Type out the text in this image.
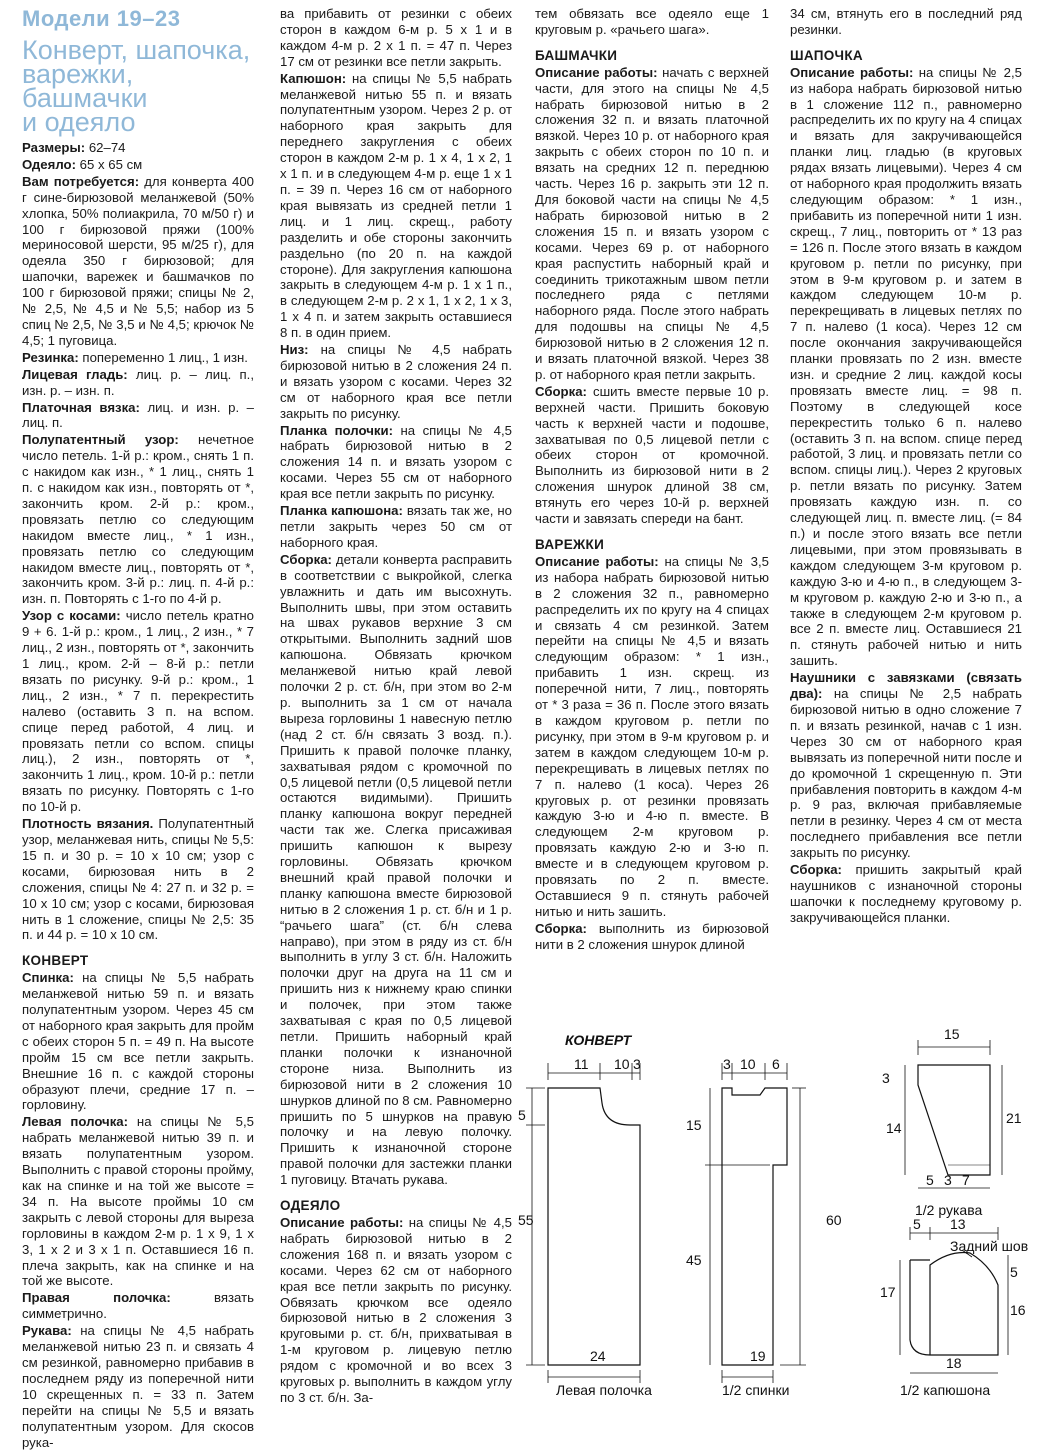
Модели 19–23
Конверт, шапочка,
варежки, башмачки
и одеяло

Размеры: 62–74

Одеяло: 65 х 65 см

Вам потребуется: для конверта 400 г сине-бирюзовой меланжевой (50% хлопка, 50% полиакрила, 70 м/50 г) и 100 г бирюзовой пряжи (100% мериносовой шерсти, 95 м/25 г), для одеяла 350 г бирюзовой; для шапочки, варежек и башмачков по 100 г бирюзовой пряжи; спицы № 2, № 2,5, № 4,5 и № 5,5; набор из 5 спиц № 2,5, № 3,5 и № 4,5; крючок № 4,5; 1 пуговица.

Резинка: попеременно 1 лиц., 1 изн.

Лицевая гладь: лиц. р. – лиц. п., изн. р. – изн. п.

Платочная вязка: лиц. и изн. р. – лиц. п.

Полупатентный узор: нечетное число петель. 1-й р.: кром., снять 1 п. с накидом как изн., * 1 лиц., снять 1 п. с накидом как изн., повторять от *, закончить кром. 2-й р.: кром., провязать петлю со следующим накидом вместе лиц., * 1 изн., провязать петлю со следующим накидом вместе лиц., повторять от *, закончить кром. 3-й р.: лиц. п. 4-й р.: изн. п. Повторять с 1-го по 4-й р.

Узор с косами: число петель кратно 9 + 6. 1-й р.: кром., 1 лиц., 2 изн., * 7 лиц., 2 изн., повторять от *, закончить 1 лиц., кром. 2-й – 8-й р.: петли вязать по рисунку. 9-й р.: кром., 1 лиц., 2 изн., * 7 п. перекрестить налево (оставить 3 п. на вспом. спице перед работой, 4 лиц. и провязать петли со вспом. спицы лиц.), 2 изн., повторять от *, закончить 1 лиц., кром. 10-й р.: петли вязать по рисунку. Повторять с 1-го по 10-й р.

Плотность вязания. Полупатентный узор, меланжевая нить, спицы № 5,5: 15 п. и 30 р. = 10 х 10 см; узор с косами, бирюзовая нить в 2 сложения, спицы № 4: 27 п. и 32 р. = 10 х 10 см; узор с косами, бирюзовая нить в 1 сложение, спицы № 2,5: 35 п. и 44 р. = 10 х 10 см.

КОНВЕРТ

Спинка: на спицы № 5,5 набрать меланжевой нитью 59 п. и вязать полупатентным узором. Через 45 см от наборного края закрыть для пройм с обеих сторон 5 п. = 49 п. На высоте пройм 15 см все петли закрыть. Внешние 16 п. с каждой стороны образуют плечи, средние 17 п. – горловину.

Левая полочка: на спицы № 5,5 набрать меланжевой нитью 39 п. и вязать полупатентным узором. Выполнить с правой стороны пройму, как на спинке и на той же высоте = 34 п. На высоте проймы 10 см закрыть с левой стороны для выреза горловины в каждом 2-м р. 1 х 9, 1 х 3, 1 х 2 и 3 х 1 п. Оставшиеся 16 п. плечa закрыть, как на спинке и на той же высоте.

Правая полочка: вязать симметрично.

Рукава: на спицы № 4,5 набрать меланжевой нитью 23 п. и связать 4 см резинкой, равномерно прибавив в последнем ряду из поперечной нити 10 скрещенных п. = 33 п. Затем перейти на спицы № 5,5 и вязать полупатентным узором. Для скосов рука-

ва прибавить от резинки с обеих сторон в каждом 6-м р. 5 х 1 и в каждом 4-м р. 2 х 1 п. = 47 п. Через 17 см от резинки все петли закрыть.

Капюшон: на спицы № 5,5 набрать меланжевой нитью 55 п. и вязать полупатентным узором. Через 2 р. от наборного края закрыть для переднего закругления с обеих сторон в каждом 2-м р. 1 х 4, 1 х 2, 1 х 1 п. и в следующем 4-м р. еще 1 х 1 п. = 39 п. Через 16 см от наборного края вывязать из средней петли 1 лиц. и 1 лиц. скрещ., работу разделить и обе стороны закончить раздельно (по 20 п. на каждой стороне). Для закругления капюшона закрыть в следующем 4-м р. 1 х 1 п., в следующем 2-м р. 2 х 1, 1 х 2, 1 х 3, 1 х 4 п. и затем закрыть оставшиеся 8 п. в один прием.

Низ: на спицы № 4,5 набрать бирюзовой нитью в 2 сложения 24 п. и вязать узором с косами. Через 32 см от наборного края все петли закрыть по рисунку.

Планка полочки: на спицы № 4,5 набрать бирюзовой нитью в 2 сложения 14 п. и вязать узором с косами. Через 55 см от наборного края все петли закрыть по рисунку.

Планка капюшона: вязать так же, но петли закрыть через 50 см от наборного края.

Сборка: детали конверта расправить в соответствии с выкройкой, слегка увлажнить и дать им высохнуть. Выполнить швы, при этом оставить на швах рукавов верхние 3 см открытыми. Выполнить задний шов капюшона. Обвязать крючком меланжевой нитью край левой полочки 2 р. ст. б/н, при этом во 2-м р. выполнить за 1 см от начала выреза горловины 1 навесную петлю (над 2 ст. б/н связать 3 возд. п.). Пришить к правой полочке планку, захватывая рядом с кромочной по 0,5 лицевой петли (0,5 лицевой петли остаются видимыми). Пришить планку капюшона вокруг передней части так же. Слегка присаживая пришить капюшон к вырезу горловины. Обвязать крючком внешний край правой полочки и планку капюшона вместе бирюзовой нитью в 2 сложения 1 р. ст. б/н и 1 р. “рачьего шага” (ст. б/н слева направо), при этом в ряду из ст. б/н выполнить в углу 3 ст. б/н. Наложить полочки друг на друга на 11 см и пришить низ к нижнему краю спинки и полочек, при этом также захватывая с края по 0,5 лицевой петли. Пришить наборный край планки полочки к изнаночной стороне низа. Выполнить из бирюзовой нити в 2 сложения 10 шнурков длиной по 8 см. Равномерно пришить по 5 шнурков на правую полочку и на левую полочку. Пришить к изнаночной стороне правой полочки для застежки планки 1 пуговицу. Втачать рукава.

ОДЕЯЛО

Описание работы: на спицы № 4,5 набрать бирюзовой нитью в 2 сложения 168 п. и вязать узором с косами. Через 62 см от наборного края все петли закрыть по рисунку. Обвязать крючком все одеяло бирюзовой нитью в 2 сложения 3 круговыми р. ст. б/н, прихватывая в 1-м круговом р. лицевую петлю рядом с кромочной и во всех 3 круговых р. выполнить в каждом углу по 3 ст. б/н. За-

тем обвязать все одеяло еще 1 круговым р. «рачьего шага».

БАШМАЧКИ

Описание работы: начать с верхней части, для этого на спицы № 4,5 набрать бирюзовой нитью в 2 сложения 32 п. и вязать платочной вязкой. Через 10 р. от наборного края закрыть с обеих сторон по 10 п. и вязать на средних 12 п. переднюю часть. Через 16 р. закрыть эти 12 п. Для боковой части на спицы № 4,5 набрать бирюзовой нитью в 2 сложения 15 п. и вязать узором с косами. Через 69 р. от наборного края распустить наборный край и соединить трикотажным швом петли последнего ряда с петлями наборного ряда. После этого набрать для подошвы на спицы № 4,5 бирюзовой нитью в 2 сложения 12 п. и вязать платочной вязкой. Через 38 р. от наборного края петли закрыть.

Сборка: сшить вместе первые 10 р. верхней части. Пришить боковую часть к верхней части и подошве, захватывая по 0,5 лицевой петли с обеих сторон от кромочной. Выполнить из бирюзовой нити в 2 сложения шнурок длиной 38 см, втянуть его через 10-й р. верхней части и завязать спереди на бант.

ВАРЕЖКИ

Описание работы: на спицы № 3,5 из набора набрать бирюзовой нитью в 2 сложения 32 п., равномерно распределить их по кругу на 4 спицах и связать 4 см резинкой. Затем перейти на спицы № 4,5 и вязать следующим образом: * 1 изн., прибавить 1 изн. скрещ. из поперечной нити, 7 лиц., повторять от * 3 раза = 36 п. После этого вязать в каждом круговом р. петли по рисунку, при этом в 9-м круговом р. и затем в каждом следующем 10-м р. перекрещивать в лицевых петлях по 7 п. налево (1 коса). Через 26 круговых р. от резинки провязать каждую 3-ю и 4-ю п. вместе. В следующем 2-м круговом р. провязать каждую 2-ю и 3-ю п. вместе и в следующем круговом р. провязать по 2 п. вместе. Оставшиеся 9 п. стянуть рабочей нитью и нить зашить.

Сборка: выполнить из бирюзовой нити в 2 сложения шнурок длиной

34 см, втянуть его в последний ряд резинки.

ШАПОЧКА

Описание работы: на спицы № 2,5 из набора набрать бирюзовой нитью в 1 сложение 112 п., равномерно распределить их по кругу на 4 спицах и вязать для закручивающейся планки лиц. гладью (в круговых рядах вязать лицевыми). Через 4 см от наборного края продолжить вязать следующим образом: * 1 изн., прибавить из поперечной нити 1 изн. скрещ., 7 лиц., повторить от * 13 раз = 126 п. После этого вязать в каждом круговом р. петли по рисунку, при этом в 9-м круговом р. и затем в каждом следующем 10-м р. перекрещивать в лицевых петлях по 7 п. налево (1 коса). Через 12 см после окончания закручивающейся планки провязать по 2 изн. вместе изн. и средние 2 лиц. каждой косы провязать вместе лиц. = 98 п. Поэтому в следующей косе перекрестить только 6 п. налево (оставить 3 п. на вспом. спице перед работой, 3 лиц. и провязать петли со вспом. спицы лиц.). Через 2 круговых р. петли вязать по рисунку. Затем провязать каждую изн. п. со следующей лиц. п. вместе лиц. (= 84 п.) и после этого вязать все петли лицевыми, при этом провязывать в каждом следующем 3-м круговом р. каждую 3-ю и 4-ю п., в следующем 3-м круговом р. каждую 2-ю и 3-ю п., а также в следующем 2-м круговом р. все 2 п. вместе лиц. Оставшиеся 21 п. стянуть рабочей нитью и нить зашить.

Наушники с завязками (связать два): на спицы № 2,5 набрать бирюзовой нитью в одно сложение 7 п. и вязать резинкой, начав с 1 изн. Через 30 см от наборного края вывязать из поперечной нити после и до кромочной 1 скрещенную п. Эти прибавления повторить в каждом 4-м р. 9 раз, включая прибавляемые петли в резинку. Через 4 см от места последнего прибавления все петли закрыть по рисунку.

Сборка: пришить закрытый край наушников с изнаночной стороны шапочки к последнему круговому р. закручивающейся планки.

КОНВЕРТ
11 10 3
5
55
24
Левая полочка
3 10 6
15
45
60
19
1/2 спинки
15
3
14
21
5 3 7
1/2 рукава
5 13
Задний шов
17
5
16
18
1/2 капюшона
